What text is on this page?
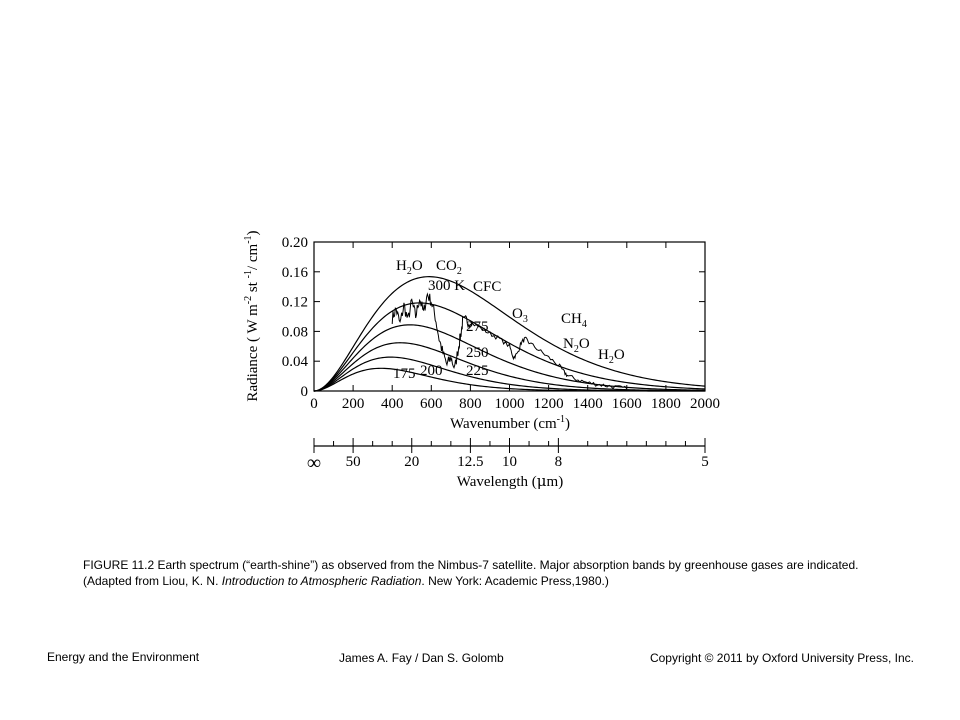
Radiance ( W $m^{-2}$ st $^{-1}$/ $cm^{-1}$)
Wavenumber $(cm^{-1})$
0
0.04
0.08
0.12
0.16
0.20
0 200 400 600 800 1000 1200 1400 1600 1800 2000
300 K
275
250
225
200
175
$H_2O$ $CO_2$
CFC
$O_3$ $CH_4$
$N_2O$
$H_2O$
∞ 50	20	12.5 10	8	5
Wavelength (μm)
FIGURE 11.2 Earth spectrum (“earth-shine”) as observed from the Nimbus-7 satellite. Major absorption bands by greenhouse gases are indicated. (Adapted from Liou, K. N. Introduction to Atmospheric Radiation. New York: Academic Press,1980.)
Energy and the Environment	James A. Fay / Dan S. Golomb	Copyright © 2011 by Oxford University Press, Inc.
